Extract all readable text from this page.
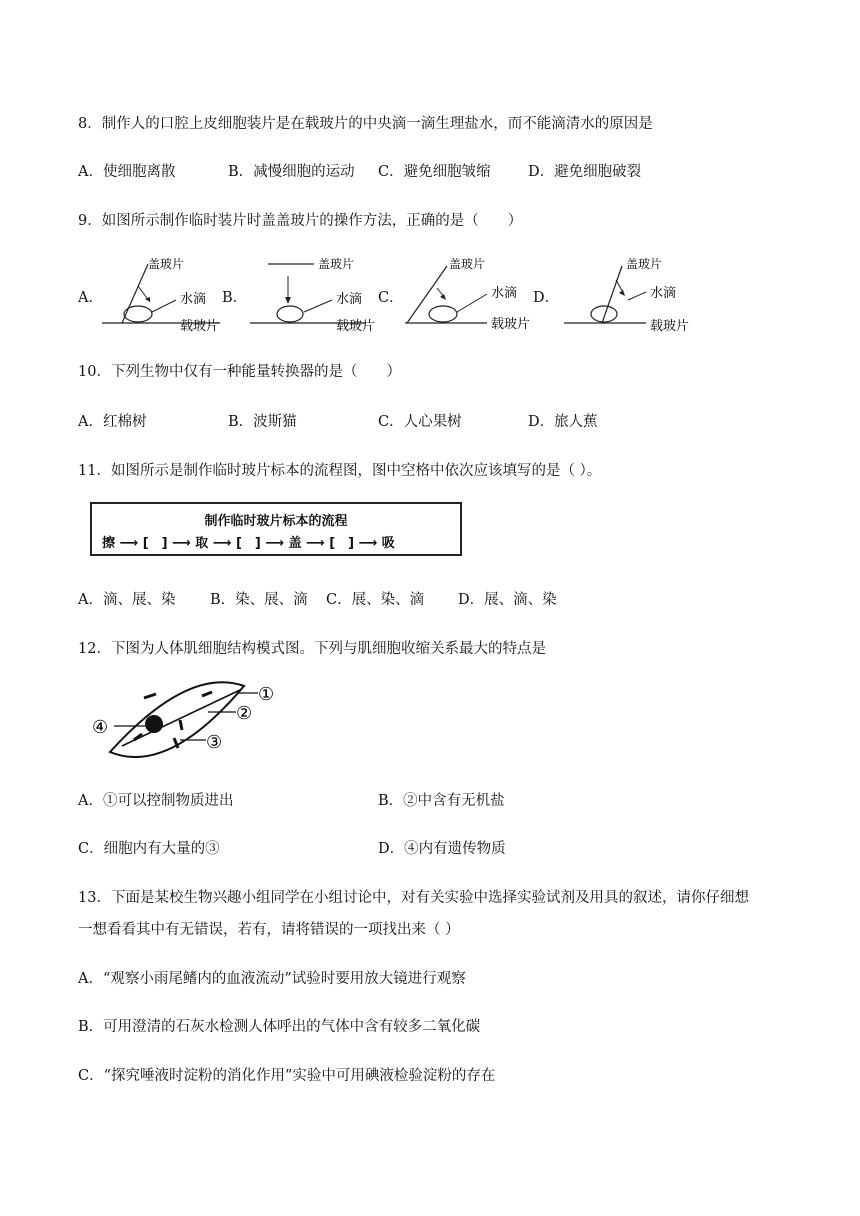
8．制作人的口腔上皮细胞装片是在载玻片的中央滴一滴生理盐水，而不能滴清水的原因是
A．使细胞离散	B．减慢细胞的运动 C．避免细胞皱缩	D．避免细胞破裂
9．如图所示制作临时装片时盖盖玻片的操作方法，正确的是（　　）
A．	B．	C．	D．
盖玻片
水滴
载玻片
盖玻片
水滴
载玻片
盖玻片
水滴
载玻片
盖玻片
水滴
载玻片
10．下列生物中仅有一种能量转换器的是（　　）
A．红棉树	B．波斯猫	C．人心果树	D．旅人蕉
11．如图所示是制作临时玻片标本的流程图，图中空格中依次应该填写的是（ ）。
制作临时玻片标本的流程
擦 ⟶ [　] ⟶ 取 ⟶ [　] ⟶ 盖 ⟶ [　] ⟶ 吸
A．滴、展、染 B．染、展、滴 C．展、染、滴 D．展、滴、染
12．下图为人体肌细胞结构模式图。下列与肌细胞收缩关系最大的特点是
①
②
③
④
A．①可以控制物质进出	B．②中含有无机盐
C．细胞内有大量的③	D．④内有遗传物质
13．下面是某校生物兴趣小组同学在小组讨论中，对有关实验中选择实验试剂及用具的叙述，请你仔细想
一想看看其中有无错误，若有，请将错误的一项找出来（ ）
A．“观察小雨尾鳍内的血液流动”试验时要用放大镜进行观察
B．可用澄清的石灰水检测人体呼出的气体中含有较多二氧化碳
C．“探究唾液时淀粉的消化作用”实验中可用碘液检验淀粉的存在
